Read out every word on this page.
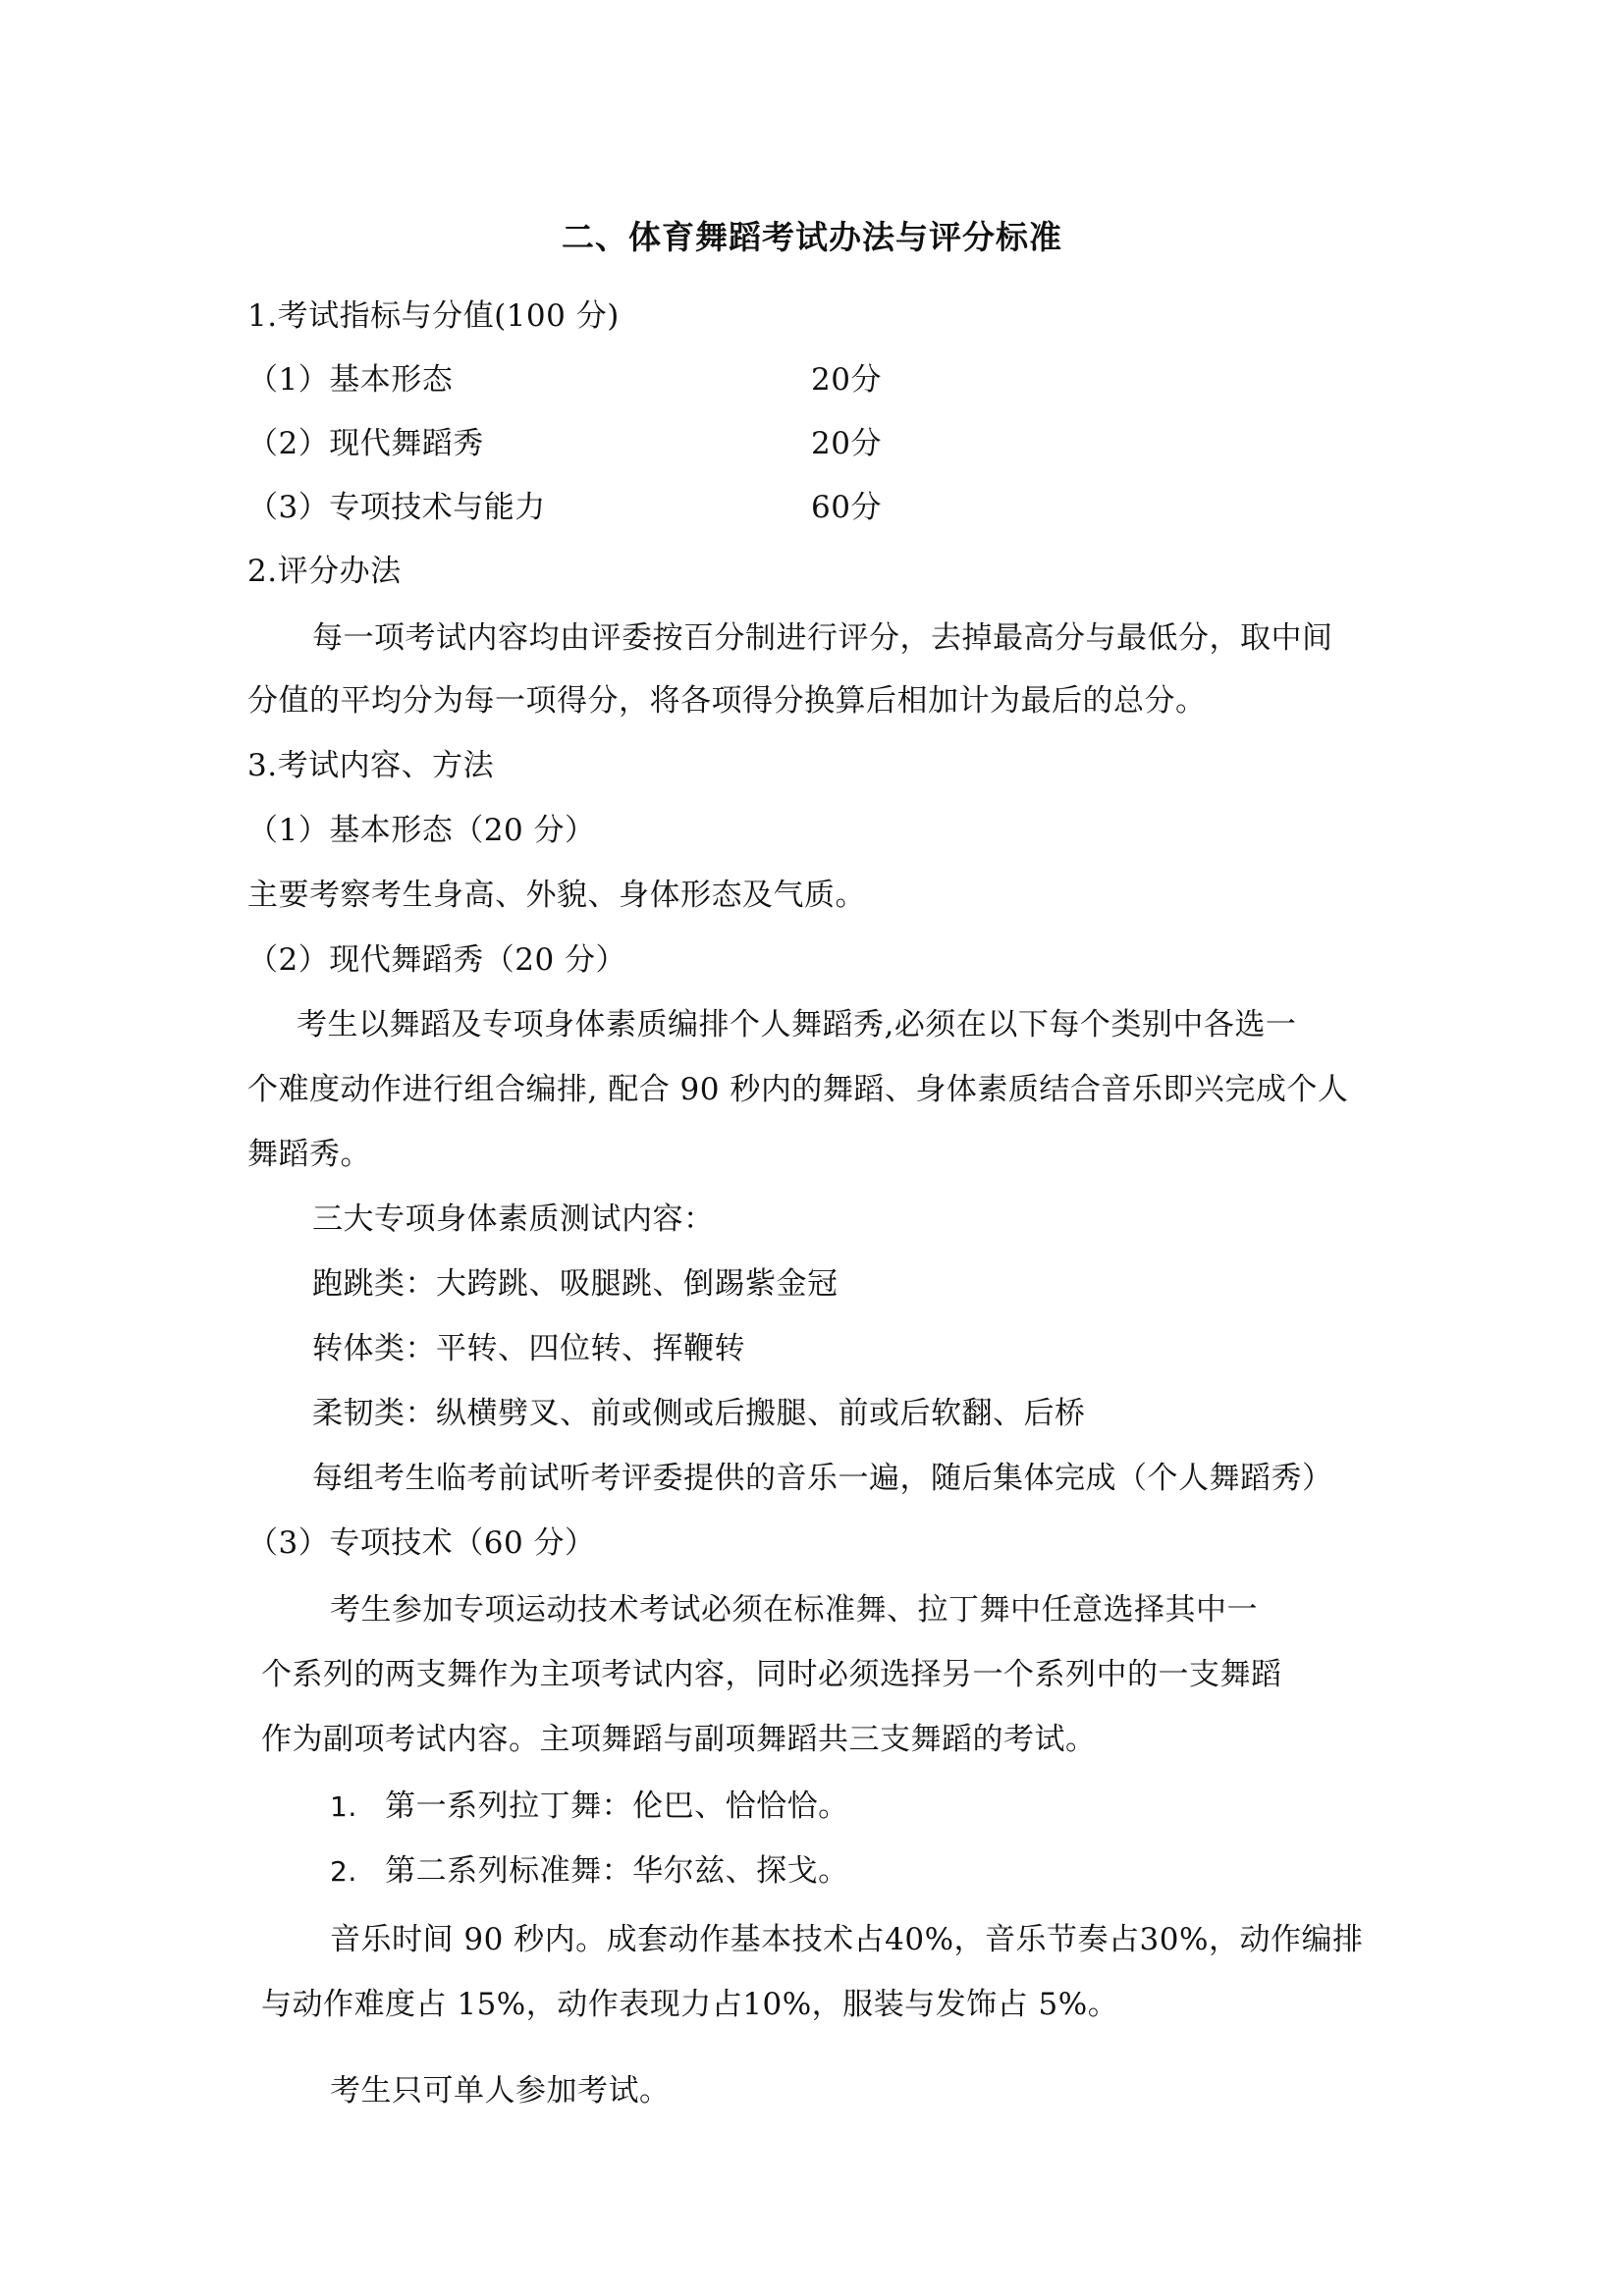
二、体育舞蹈考试办法与评分标准
1.考试指标与分值(100 分)
（1）基本形态	20分
（2）现代舞蹈秀	20分
（3）专项技术与能力	60分
2.评分办法
每一项考试内容均由评委按百分制进行评分，去掉最高分与最低分，取中间
分值的平均分为每一项得分，将各项得分换算后相加计为最后的总分。
3.考试内容、方法
（1）基本形态（20 分）
主要考察考生身高、外貌、身体形态及气质。
（2）现代舞蹈秀（20 分）
考生以舞蹈及专项身体素质编排个人舞蹈秀,必须在以下每个类别中各选一
个难度动作进行组合编排, 配合 90 秒内的舞蹈、身体素质结合音乐即兴完成个人
舞蹈秀。
三大专项身体素质测试内容：
跑跳类：大跨跳、吸腿跳、倒踢紫金冠
转体类：平转、四位转、挥鞭转
柔韧类：纵横劈叉、前或侧或后搬腿、前或后软翻、后桥
每组考生临考前试听考评委提供的音乐一遍，随后集体完成（个人舞蹈秀）
（3）专项技术（60 分）
考生参加专项运动技术考试必须在标准舞、拉丁舞中任意选择其中一
个系列的两支舞作为主项考试内容，同时必须选择另一个系列中的一支舞蹈
作为副项考试内容。主项舞蹈与副项舞蹈共三支舞蹈的考试。
1. 第一系列拉丁舞：伦巴、恰恰恰。
2. 第二系列标准舞：华尔兹、探戈。
音乐时间 90 秒内。成套动作基本技术占40%，音乐节奏占30%，动作编排
与动作难度占 15%，动作表现力占10%，服装与发饰占 5%。
考生只可单人参加考试。
